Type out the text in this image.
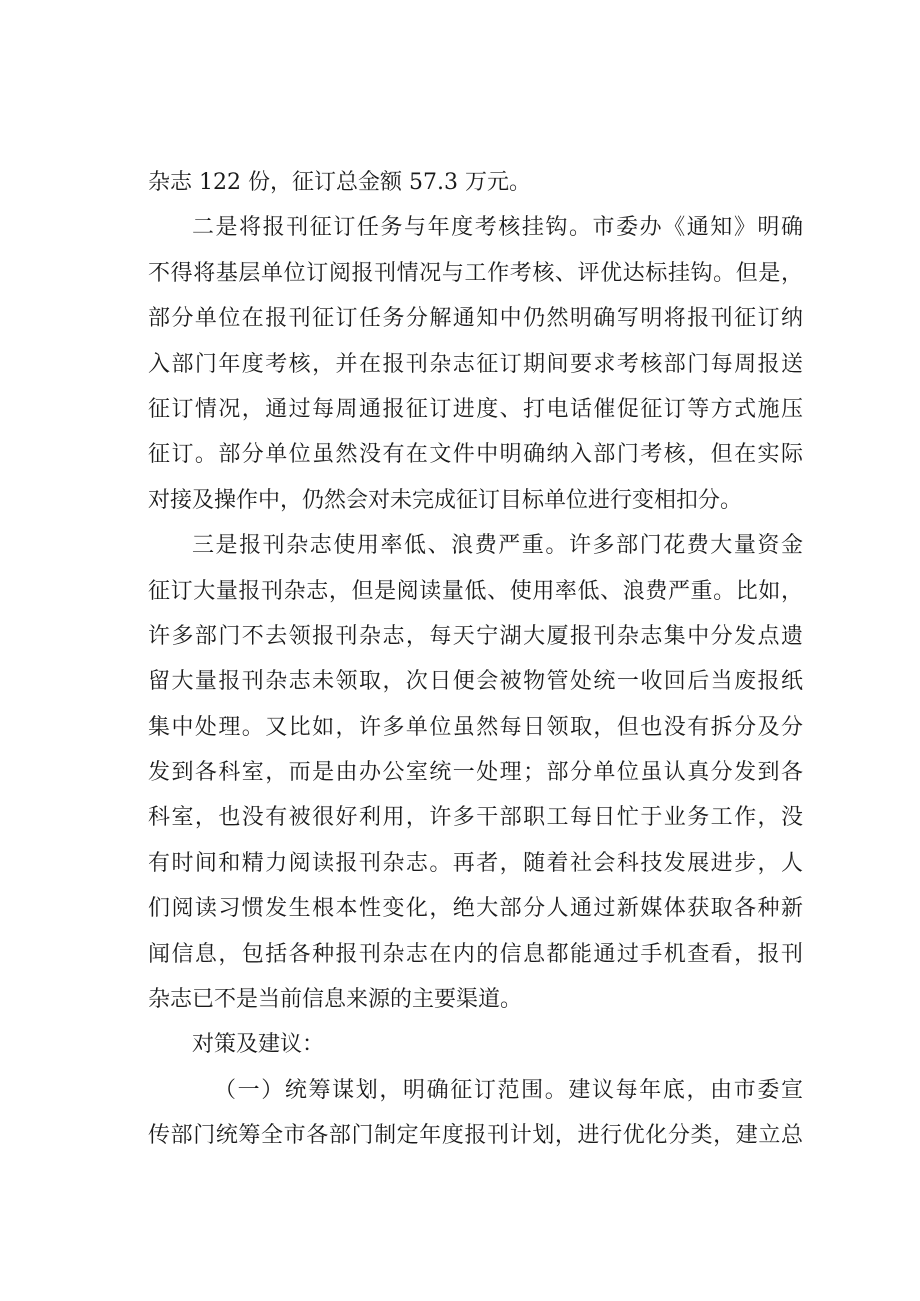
杂志 122 份，征订总金额 57.3 万元。
二是将报刊征订任务与年度考核挂钩。市委办《通知》明确
不得将基层单位订阅报刊情况与工作考核、评优达标挂钩。但是，
部分单位在报刊征订任务分解通知中仍然明确写明将报刊征订纳
入部门年度考核，并在报刊杂志征订期间要求考核部门每周报送
征订情况，通过每周通报征订进度、打电话催促征订等方式施压
征订。部分单位虽然没有在文件中明确纳入部门考核，但在实际
对接及操作中，仍然会对未完成征订目标单位进行变相扣分。
三是报刊杂志使用率低、浪费严重。许多部门花费大量资金
征订大量报刊杂志，但是阅读量低、使用率低、浪费严重。比如，
许多部门不去领报刊杂志，每天宁湖大厦报刊杂志集中分发点遗
留大量报刊杂志未领取，次日便会被物管处统一收回后当废报纸
集中处理。又比如，许多单位虽然每日领取，但也没有拆分及分
发到各科室，而是由办公室统一处理；部分单位虽认真分发到各
科室，也没有被很好利用，许多干部职工每日忙于业务工作，没
有时间和精力阅读报刊杂志。再者，随着社会科技发展进步，人
们阅读习惯发生根本性变化，绝大部分人通过新媒体获取各种新
闻信息，包括各种报刊杂志在内的信息都能通过手机查看，报刊
杂志已不是当前信息来源的主要渠道。
对策及建议：
（一）统筹谋划，明确征订范围。建议每年底，由市委宣
传部门统筹全市各部门制定年度报刊计划，进行优化分类，建立总
